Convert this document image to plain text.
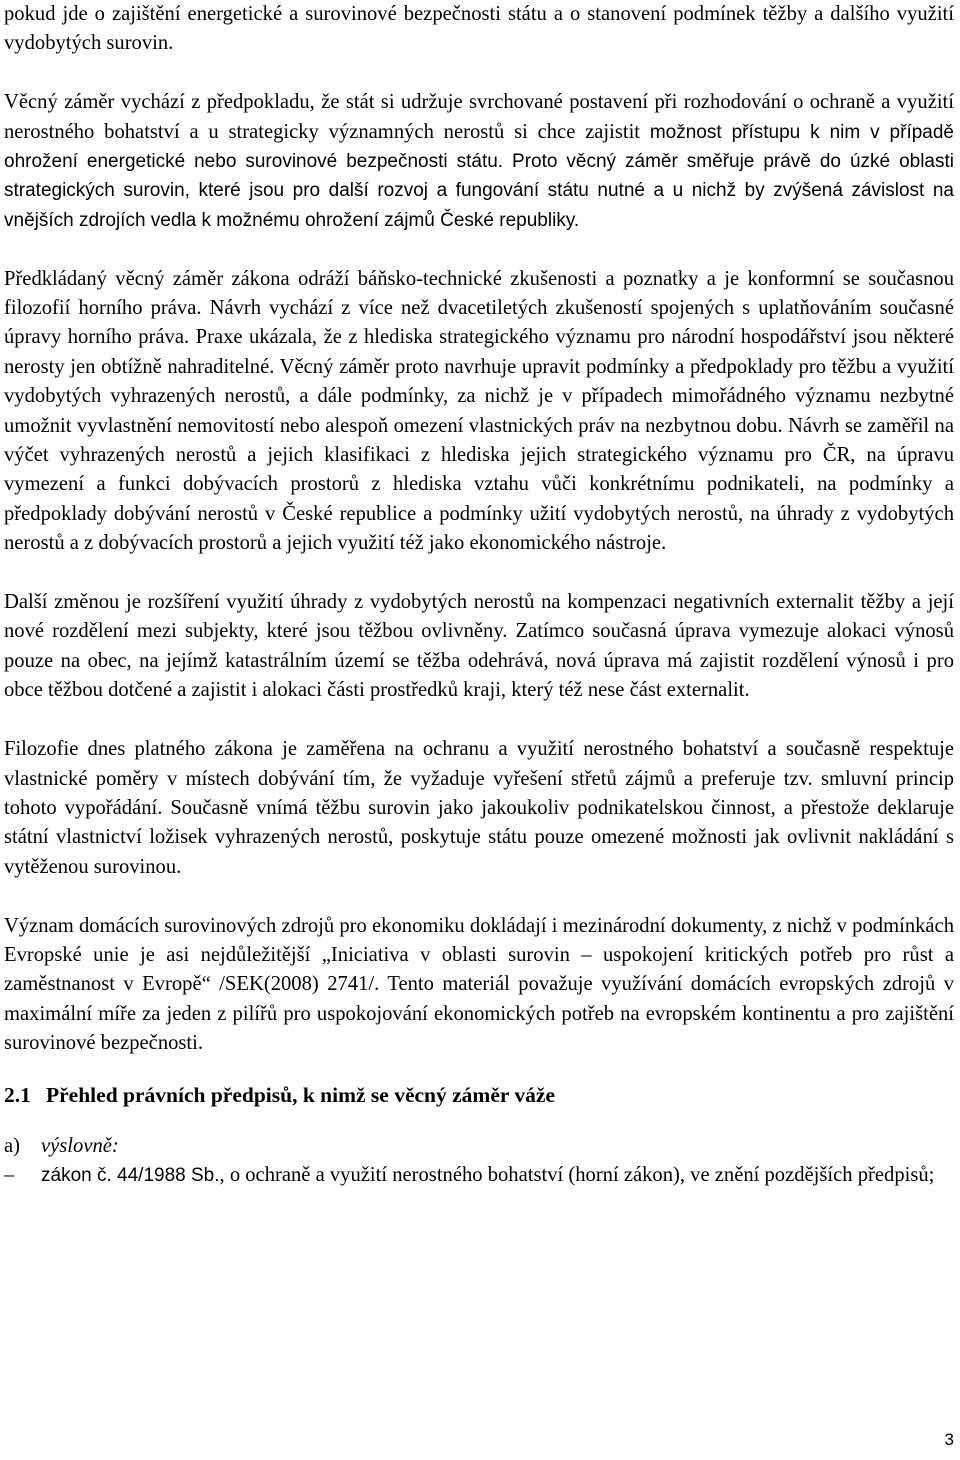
pokud jde o zajištění energetické a surovinové bezpečnosti státu a o stanovení podmínek těžby a dalšího využití vydobytých surovin.

Věcný záměr vychází z předpokladu, že stát si udržuje svrchované postavení při rozhodování o ochraně a využití nerostného bohatství a u strategicky významných nerostů si chce zajistit možnost přístupu k nim v případě ohrožení energetické nebo surovinové bezpečnosti státu. Proto věcný záměr směřuje právě do úzké oblasti strategických surovin, které jsou pro další rozvoj a fungování státu nutné a u nichž by zvýšená závislost na vnějších zdrojích vedla k možnému ohrožení zájmů České republiky.

Předkládaný věcný záměr zákona odráží báňsko-technické zkušenosti a poznatky a je konformní se současnou filozofií horního práva. Návrh vychází z více než dvacetiletých zkušeností spojených s uplatňováním současné úpravy horního práva. Praxe ukázala, že z hlediska strategického významu pro národní hospodářství jsou některé nerosty jen obtížně nahraditelné. Věcný záměr proto navrhuje upravit podmínky a předpoklady pro těžbu a využití vydobytých vyhrazených nerostů, a dále podmínky, za nichž je v případech mimořádného významu nezbytné umožnit vyvlastnění nemovitostí nebo alespoň omezení vlastnických práv na nezbytnou dobu. Návrh se zaměřil na výčet vyhrazených nerostů a jejich klasifikaci z hlediska jejich strategického významu pro ČR, na úpravu vymezení a funkci dobývacích prostorů z hlediska vztahu vůči konkrétnímu podnikateli, na podmínky a předpoklady dobývání nerostů v České republice a podmínky užití vydobytých nerostů, na úhrady z vydobytých nerostů a z dobývacích prostorů a jejich využití též jako ekonomického nástroje.

Další změnou je rozšíření využití úhrady z vydobytých nerostů na kompenzaci negativních externalit těžby a její nové rozdělení mezi subjekty, které jsou těžbou ovlivněny. Zatímco současná úprava vymezuje alokaci výnosů pouze na obec, na jejímž katastrálním území se těžba odehrává, nová úprava má zajistit rozdělení výnosů i pro obce těžbou dotčené a zajistit i alokaci části prostředků kraji, který též nese část externalit.

Filozofie dnes platného zákona je zaměřena na ochranu a využití nerostného bohatství a současně respektuje vlastnické poměry v místech dobývání tím, že vyžaduje vyřešení střetů zájmů a preferuje tzv. smluvní princip tohoto vypořádání. Současně vnímá těžbu surovin jako jakoukoliv podnikatelskou činnost, a přestože deklaruje státní vlastnictví ložisek vyhrazených nerostů, poskytuje státu pouze omezené možnosti jak ovlivnit nakládání s vytěženou surovinou.

Význam domácích surovinových zdrojů pro ekonomiku dokládají i mezinárodní dokumenty, z nichž v podmínkách Evropské unie je asi nejdůležitější „Iniciativa v oblasti surovin – uspokojení kritických potřeb pro růst a zaměstnanost v Evropě“ /SEK(2008) 2741/. Tento materiál považuje využívání domácích evropských zdrojů v maximální míře za jeden z pilířů pro uspokojování ekonomických potřeb na evropském kontinentu a pro zajištění surovinové bezpečnosti.

2.1 Přehled právních předpisů, k nimž se věcný záměr váže

a) výslovně:

–	zákon č. 44/1988 Sb., o ochraně a využití nerostného bohatství (horní zákon), ve znění pozdějších předpisů;

3
